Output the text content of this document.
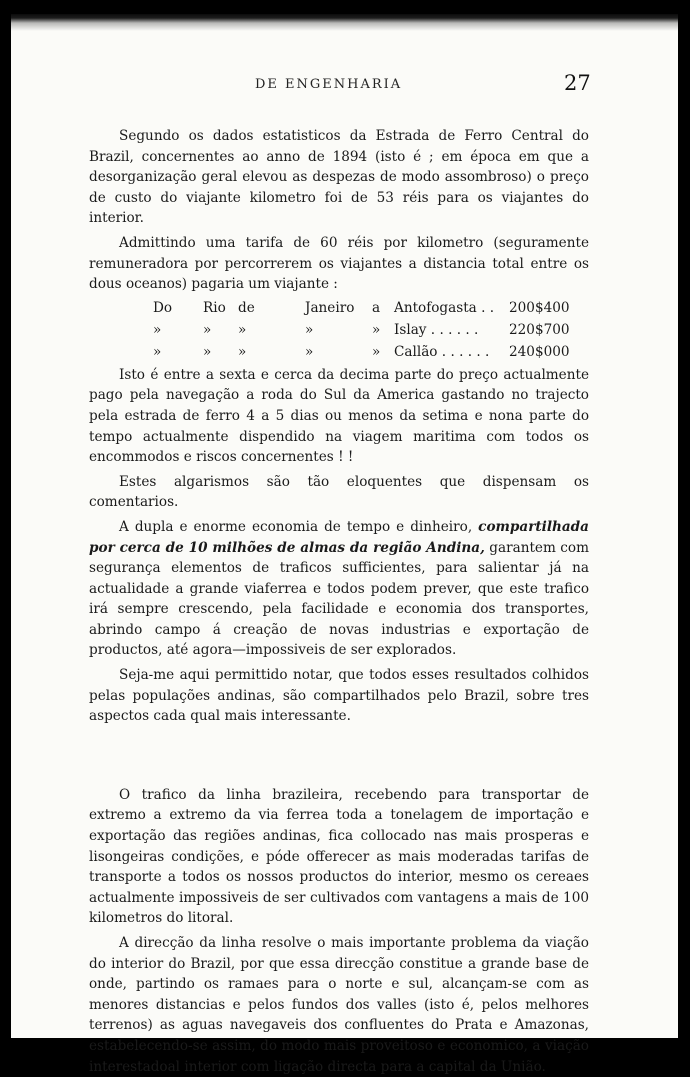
DE ENGENHARIA	27

Segundo os dados estatisticos da Estrada de Ferro Central do Brazil, concernentes ao anno de 1894 (isto é ; em época em que a desorganização geral elevou as despezas de modo assombroso) o preço de custo do viajante kilometro foi de 53 réis para os viajantes do interior.

Admittindo uma tarifa de 60 réis por kilometro (seguramente remuneradora por percorrerem os viajantes a distancia total entre os dous oceanos) pagaria um viajante :

Do	Rio de	Janeiro	a	Antofogasta . .	200$400
»	»	»	»	»	Islay . . . . . .	220$700
»	»	»	»	»	Callão . . . . . .	240$000

Isto é entre a sexta e cerca da decima parte do preço actualmente pago pela navegação a roda do Sul da America gastando no trajecto pela estrada de ferro 4 a 5 dias ou menos da setima e nona parte do tempo actualmente dispendido na viagem maritima com todos os encommodos e riscos concernentes ! !

Estes algarismos são tão eloquentes que dispensam os comentarios.

A dupla e enorme economia de tempo e dinheiro, compartilhada por cerca de 10 milhões de almas da região Andina, garantem com segurança elementos de traficos sufficientes, para salientar já na actualidade a grande viaferrea e todos podem prever, que este trafico irá sempre crescendo, pela facilidade e economia dos transportes, abrindo campo á creação de novas industrias e exportação de productos, até agora—impossiveis de ser explorados.

Seja-me aqui permittido notar, que todos esses resultados colhidos pelas populações andinas, são compartilhados pelo Brazil, sobre tres aspectos cada qual mais interessante.

O trafico da linha brazileira, recebendo para transportar de extremo a extremo da via ferrea toda a tonelagem de importação e exportação das regiões andinas, fica collocado nas mais prosperas e lisongeiras condições, e póde offerecer as mais moderadas tarifas de transporte a todos os nossos productos do interior, mesmo os cereaes actualmente impossiveis de ser cultivados com vantagens a mais de 100 kilometros do litoral.

A direcção da linha resolve o mais importante problema da viação do interior do Brazil, por que essa direcção constitue a grande base de onde, partindo os ramaes para o norte e sul, alcançam-se com as menores distancias e pelos fundos dos valles (isto é, pelos melhores terrenos) as aguas navegaveis dos confluentes do Prata e Amazonas, estabelecendo-se assim, do modo mais proveitoso e economico, a viação interestadoal interior com ligação directa para a capital da União.
